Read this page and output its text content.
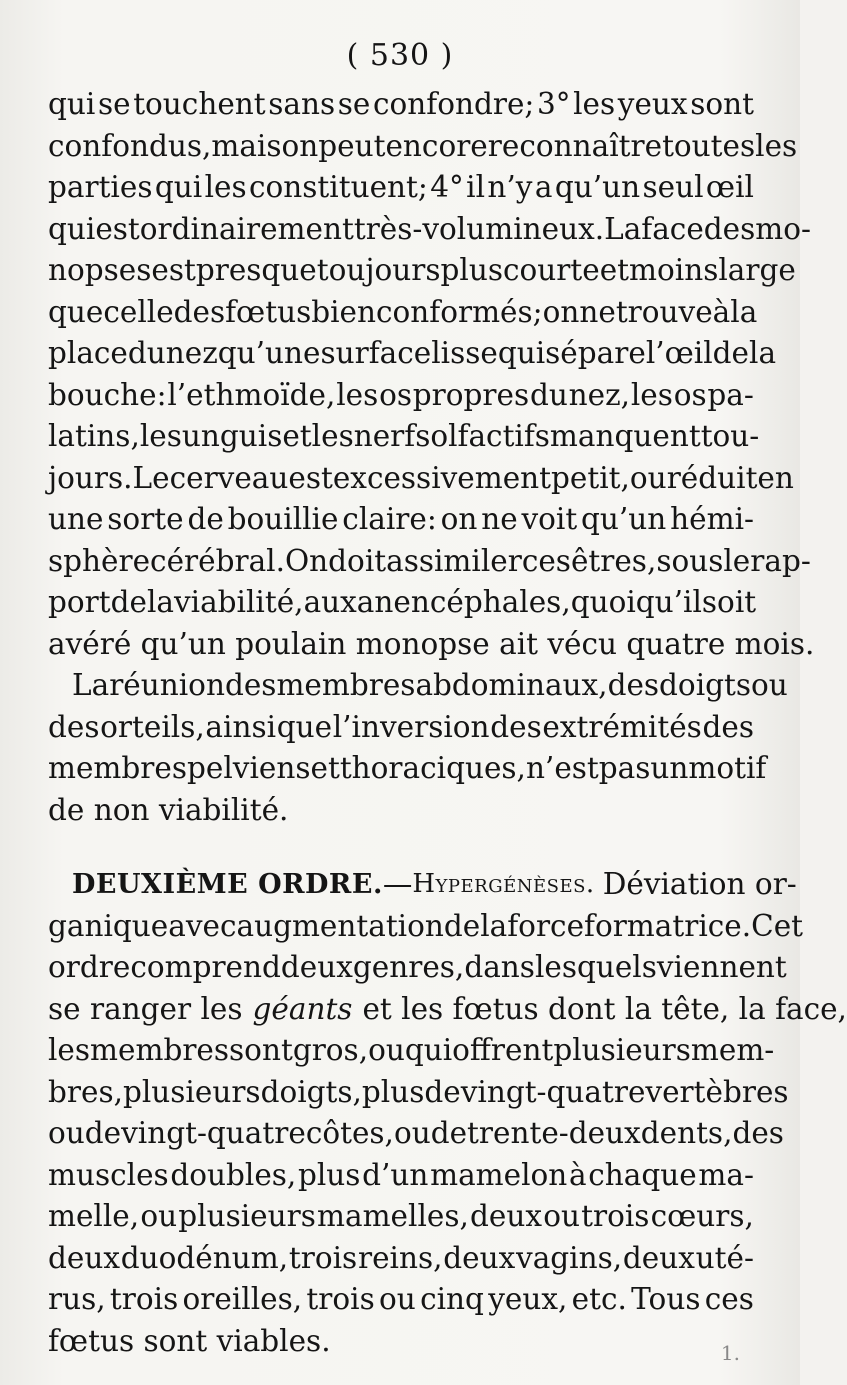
( 530 )
qui se touchent sans se confondre; 3° les yeux sont
confondus, mais on peut encore reconnaître toutes les
parties qui les constituent; 4° il n’y a qu’un seul œil
qui est ordinairement très-volumineux. La face des mo-
nopses est presque toujours plus courte et moins large
que celle des fœtus bien conformés; on ne trouve à la
place du nez qu’une surface lisse qui sépare l’œil de la
bouche: l’ethmoïde, les os propres du nez, les os pa-
latins, les unguis et les nerfs olfactifs manquent tou-
jours. Le cerveau est excessivement petit, ou réduit en
une sorte de bouillie claire: on ne voit qu’un hémi-
sphère cérébral. On doit assimiler ces êtres, sous le rap-
port de la viabilité, aux anencéphales, quoiqu’il soit
avéré qu’un poulain monopse ait vécu quatre mois.
La réunion des membres abdominaux, des doigts ou
des orteils, ainsi que l’inversion des extrémités des
membres pelviens et thoraciques, n’est pas un motif
de non viabilité.
DEUXIÈME ORDRE. — Hypergénèses. Déviation or-
ganique avec augmentation de la force formatrice. Cet
ordre comprend deux genres, dans lesquels viennent
se ranger les géants et les fœtus dont la tête, la face,
les membres sont gros, ou qui offrent plusieurs mem-
bres, plusieurs doigts, plus de vingt-quatre vertèbres
ou de vingt-quatre côtes, ou de trente-deux dents, des
muscles doubles, plus d’un mamelon à chaque ma-
melle, ou plusieurs mamelles, deux ou trois cœurs,
deux duodénum, trois reins, deux vagins, deux uté-
rus, trois oreilles, trois ou cinq yeux, etc. Tous ces
fœtus sont viables.	1.
